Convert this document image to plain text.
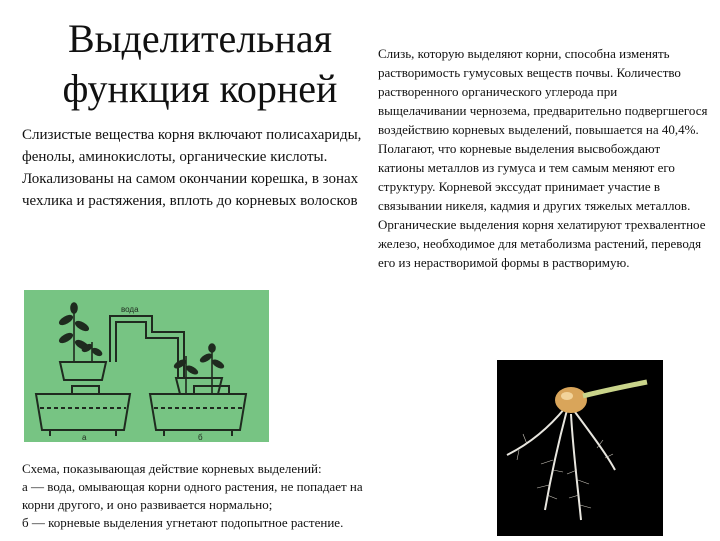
Выделительная
функция корней
Слизистые вещества корня включают полисахариды, фенолы, аминокислоты, органические кислоты. Локализованы на самом окончании корешка, в зонах чехлика и растяжения, вплоть до корневых волосков
Слизь, которую выделяют корни, способна изменять растворимость гумусовых веществ почвы. Количество растворенного органического углерода при выщелачивании чернозема, предварительно подвергшегося воздействию корневых выделений, повышается на 40,4%. Полагают, что корневые выделения высвобождают катионы металлов из гумуса и тем самым меняют его структуру. Корневой экссудат принимает участие в связывании никеля, кадмия и других тяжелых металлов. Органические выделения корня хелатируют трехвалентное железо, необходимое для метаболизма растений, переводя его из нерастворимой формы в растворимую.
вода
а	б
Схема, показывающая действие корневых выделений:
а — вода, омывающая корни одного растения, не попадает на
корни другого, и оно развивается нормально;
б — корневые выделения угнетают подопытное растение.
